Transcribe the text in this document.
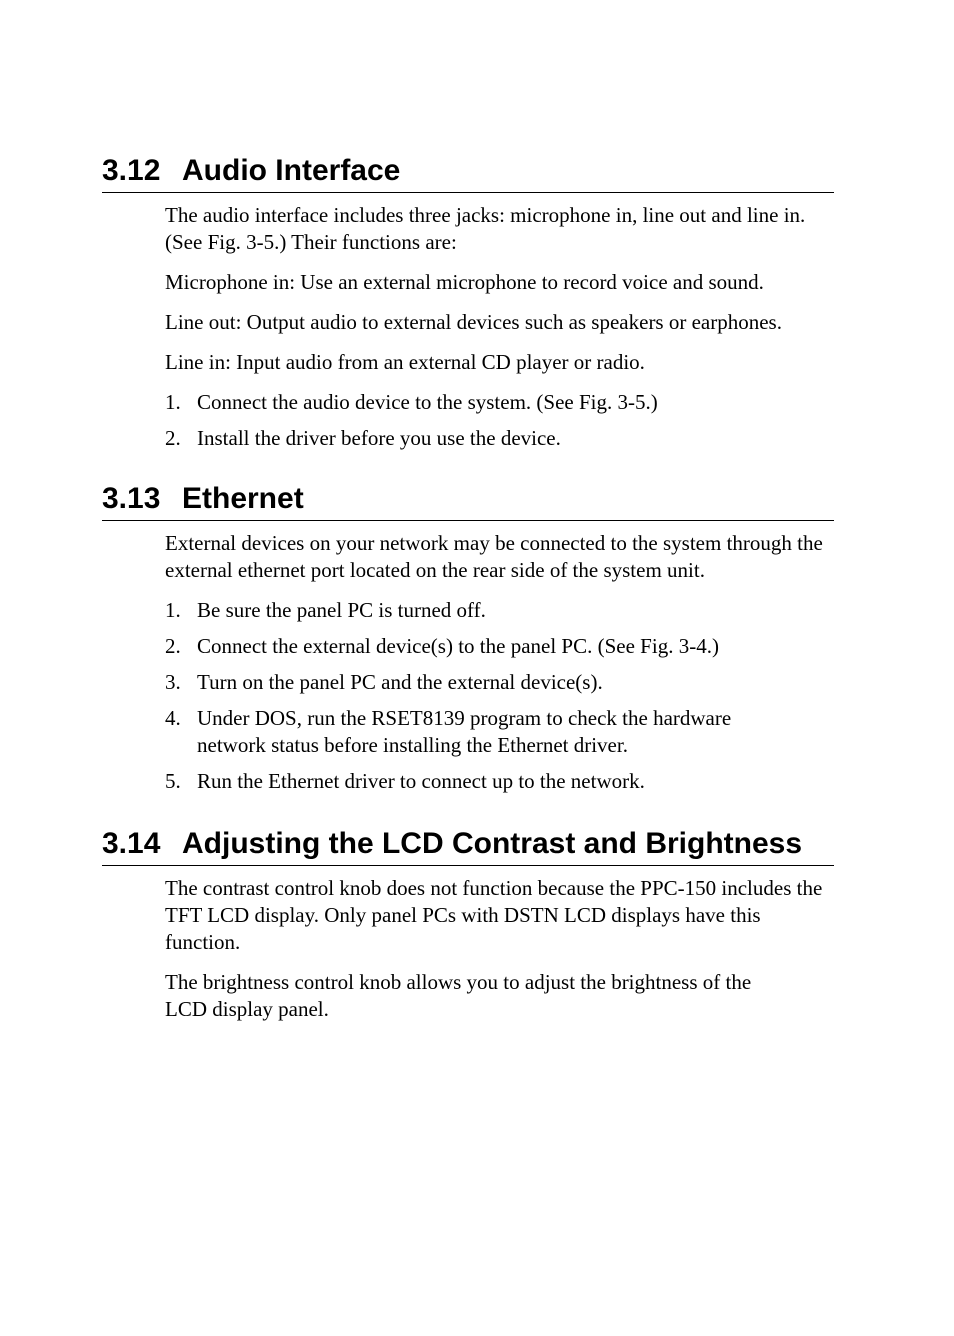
3.12 Audio Interface

The audio interface includes three jacks: microphone in, line out and line in. (See Fig. 3-5.) Their functions are:

Microphone in: Use an external microphone to record voice and sound.

Line out: Output audio to external devices such as speakers or earphones.

Line in: Input audio from an external CD player or radio.

1. Connect the audio device to the system. (See Fig. 3-5.)
2. Install the driver before you use the device.
3.13 Ethernet

External devices on your network may be connected to the system through the external ethernet port located on the rear side of the system unit.

1. Be sure the panel PC is turned off.
2. Connect the external device(s) to the panel PC. (See Fig. 3-4.)
3. Turn on the panel PC and the external device(s).
4. Under DOS, run the RSET8139 program to check the hardware network status before installing the Ethernet driver.
5. Run the Ethernet driver to connect up to the network.
3.14 Adjusting the LCD Contrast and Brightness

The contrast control knob does not function because the PPC-150 includes the TFT LCD display. Only panel PCs with DSTN LCD displays have this function.

The brightness control knob allows you to adjust the brightness of the LCD display panel.
